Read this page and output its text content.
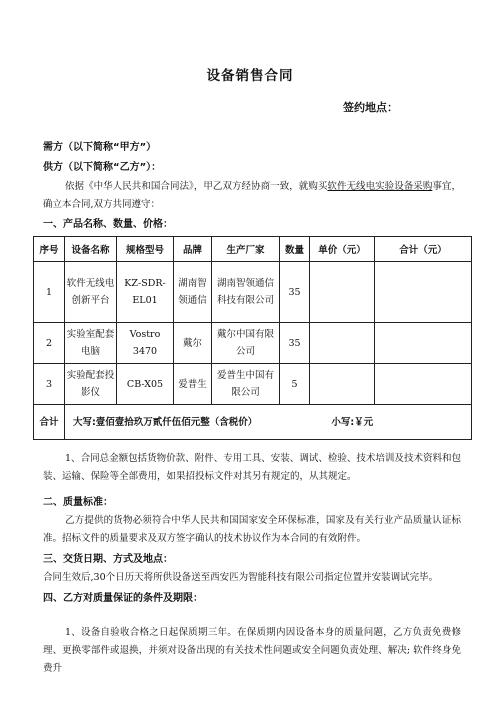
设备销售合同
签约地点：
需方（以下简称“甲方”）
供方（以下简称“乙方”）：
依据《中华人民共和国合同法》，甲乙双方经协商一致，就购买软件无线电实验设备采购事宜，确立本合同,双方共同遵守：
一、产品名称、数量、价格：
序号	设备名称	规格型号	品牌	生产厂家	数量	单价（元）	合计（元）
1	软件无线电创新平台	KZ-SDR-EL01	湖南智领通信	湖南智领通信科技有限公司	35		
2	实验室配套电脑	Vostro 3470	戴尔	戴尔中国有限公司	35		
3	实验配套投影仪	CB-X05	爱普生	爱普生中国有限公司	5		
合计	大写:壹佰壹拾玖万贰仟伍佰元整（含税价） 小写:￥元						
1、合同总金额包括货物价款、附件、专用工具、安装、调试、检验、技术培训及技术资料和包装、运输、保险等全部费用，如果招投标文件对其另有规定的，从其规定。
二、质量标准：
乙方提供的货物必须符合中华人民共和国国家安全环保标准，国家及有关行业产品质量认证标准。招标文件的质量要求及双方签字确认的技术协议作为本合同的有效附件。
三、交货日期、方式及地点：
合同生效后,30个日历天将所供设备送至西安匹为智能科技有限公司指定位置并安装调试完毕。
四、乙方对质量保证的条件及期限：
1、设备自验收合格之日起保质期三年。在保质期内因设备本身的质量问题，乙方负责免费修理、更换零部件或退换，并须对设备出现的有关技术性问题或安全问题负责处理、解决; 软件终身免费升
